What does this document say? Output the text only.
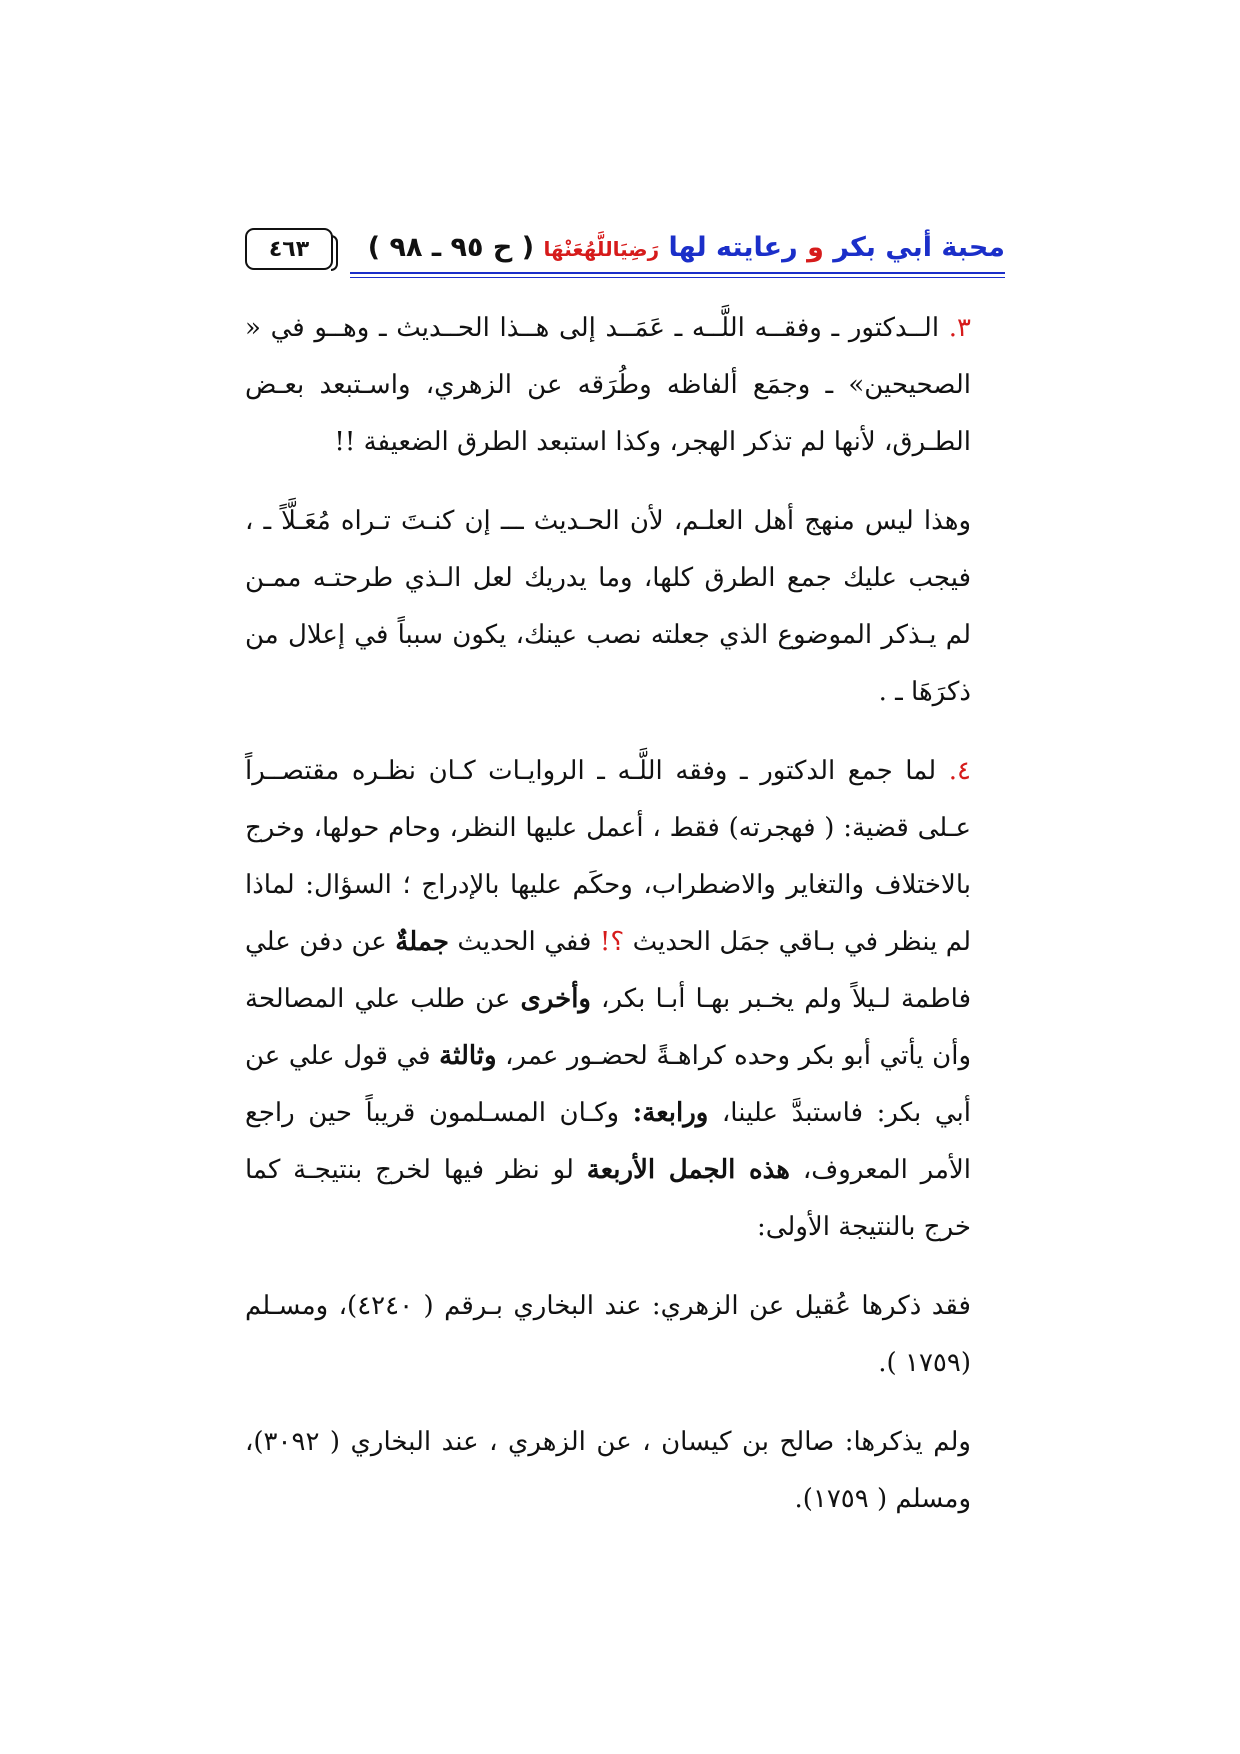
محبة أبي بكر و رعايته لها رَضِيَاللَّهُعَنْهَا ( ح ٩٥ ـ ٩٨ )
٤٦٣

٣. الــدكتور ـ وفقــه اللَّــه ـ عَمَــد إلى هــذا الحــديث ـ وهــو في « الصحيحين» ـ وجمَع ألفاظه وطُرَقه عن الزهري، واسـتبعد بعـض الطـرق، لأنها لم تذكر الهجر، وكذا استبعد الطرق الضعيفة !!

وهذا ليس منهج أهل العلـم، لأن الحـديث ـــ إن كنـتَ تـراه مُعَـلَّاً ـ ، فيجب عليك جمع الطرق كلها، وما يدريك لعل الـذي طرحتـه ممـن لم يـذكر الموضوع الذي جعلته نصب عينك، يكون سبباً في إعلال من ذكرَهَا ـ .

٤. لما جمع الدكتور ـ وفقه اللَّـه ـ الروايـات كـان نظـره مقتصــراً عـلى قضية: ( فهجرته) فقط ، أعمل عليها النظر، وحام حولها، وخرج بالاختلاف والتغاير والاضطراب، وحكَم عليها بالإدراج ؛ السؤال: لماذا لم ينظر في بـاقي جمَل الحديث ؟! ففي الحديث جملةٌ عن دفن علي فاطمة لـيلاً ولم يخـبر بهـا أبـا بكر، وأخرى عن طلب علي المصالحة وأن يأتي أبو بكر وحده كراهـةً لحضـور عمر، وثالثة في قول علي عن أبي بكر: فاستبدَّ علينا، ورابعة: وكـان المسـلمون قريباً حين راجع الأمر المعروف، هذه الجمل الأربعة لو نظر فيها لخرج بنتيجـة كما خرج بالنتيجة الأولى:

فقد ذكرها عُقيل عن الزهري: عند البخاري بـرقم ( ٤٢٤٠)، ومسـلم (١٧٥٩ ).

ولم يذكرها: صالح بن كيسان ، عن الزهري ، عند البخاري ( ٣٠٩٢)، ومسلم ( ١٧٥٩).
